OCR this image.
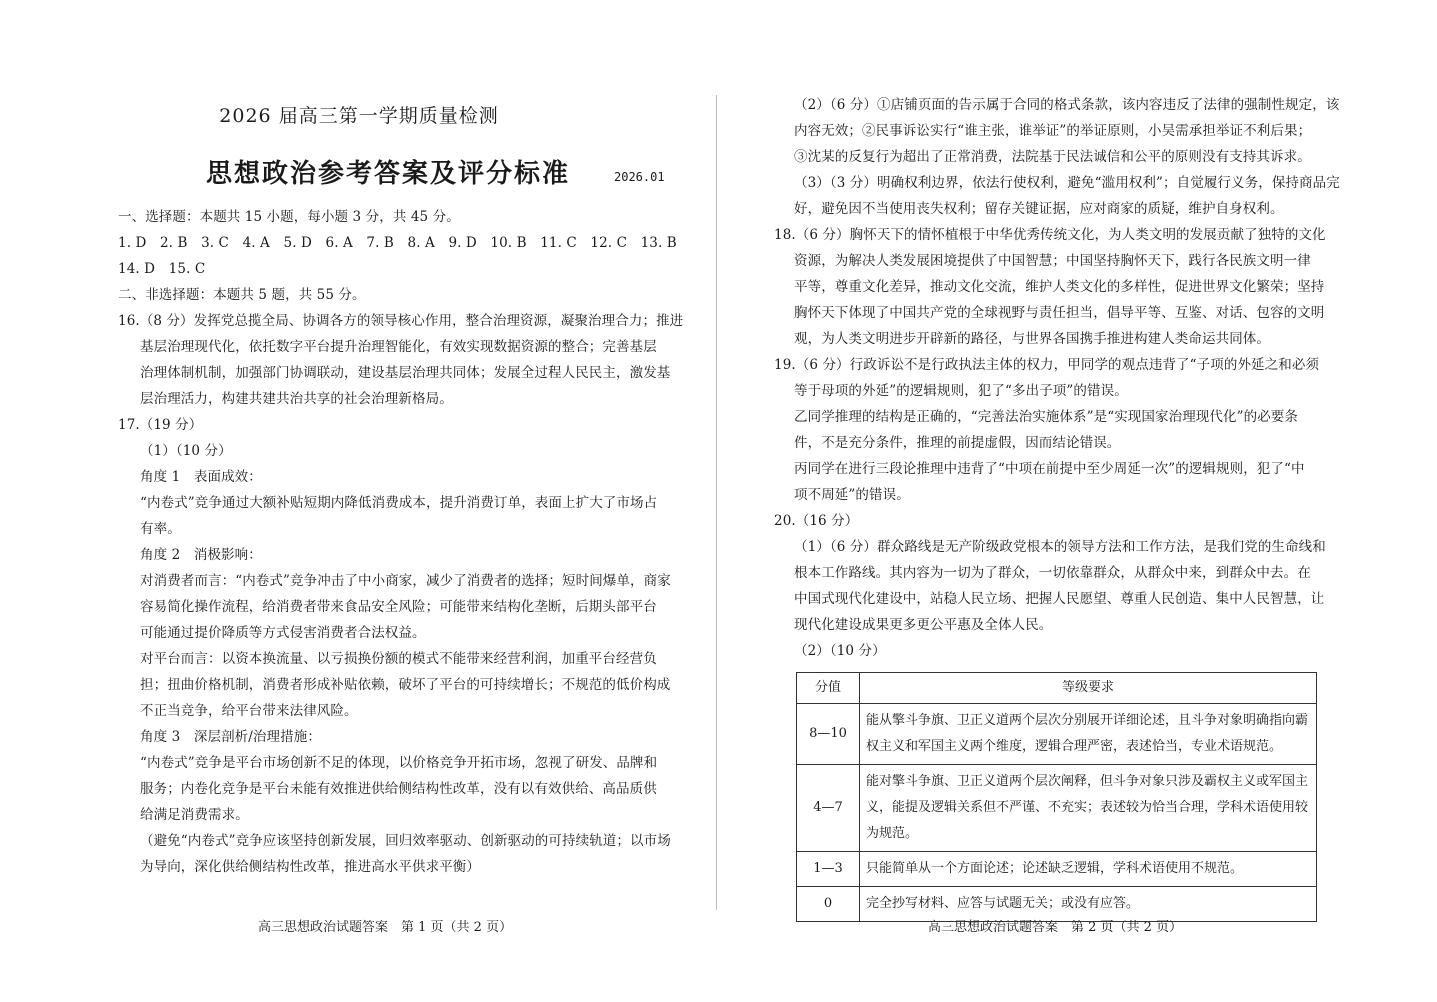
2026 届高三第一学期质量检测
思想政治参考答案及评分标准	2026.01
一、选择题：本题共 15 小题，每小题 3 分，共 45 分。
1. D　2. B　3. C　4. A　5. D　6. A　7. B　8. A　9. D　10. B　11. C　12. C　13. B
14. D　15. C
二、非选择题：本题共 5 题，共 55 分。
16.（8 分）发挥党总揽全局、协调各方的领导核心作用，整合治理资源，凝聚治理合力；推进
基层治理现代化，依托数字平台提升治理智能化，有效实现数据资源的整合；完善基层
治理体制机制，加强部门协调联动，建设基层治理共同体；发展全过程人民民主，激发基
层治理活力，构建共建共治共享的社会治理新格局。
17.（19 分）
（1）（10 分）
角度 1　表面成效：
“内卷式”竞争通过大额补贴短期内降低消费成本，提升消费订单，表面上扩大了市场占
有率。
角度 2　消极影响：
对消费者而言：“内卷式”竞争冲击了中小商家，减少了消费者的选择；短时间爆单，商家
容易简化操作流程，给消费者带来食品安全风险；可能带来结构化垄断，后期头部平台
可能通过提价降质等方式侵害消费者合法权益。
对平台而言：以资本换流量、以亏损换份额的模式不能带来经营利润，加重平台经营负
担；扭曲价格机制，消费者形成补贴依赖，破坏了平台的可持续增长；不规范的低价构成
不正当竞争，给平台带来法律风险。
角度 3　深层剖析/治理措施：
“内卷式”竞争是平台市场创新不足的体现，以价格竞争开拓市场，忽视了研发、品牌和
服务；内卷化竞争是平台未能有效推进供给侧结构性改革，没有以有效供给、高品质供
给满足消费需求。
（避免“内卷式”竞争应该坚持创新发展，回归效率驱动、创新驱动的可持续轨道；以市场
为导向，深化供给侧结构性改革，推进高水平供求平衡）
高三思想政治试题答案　第 1 页（共 2 页）
（2）（6 分）①店铺页面的告示属于合同的格式条款，该内容违反了法律的强制性规定，该
内容无效；②民事诉讼实行“谁主张，谁举证”的举证原则，小吴需承担举证不利后果；
③沈某的反复行为超出了正常消费，法院基于民法诚信和公平的原则没有支持其诉求。
（3）（3 分）明确权利边界，依法行使权利，避免“滥用权利”；自觉履行义务，保持商品完
好，避免因不当使用丧失权利；留存关键证据，应对商家的质疑，维护自身权利。
18.（6 分）胸怀天下的情怀植根于中华优秀传统文化，为人类文明的发展贡献了独特的文化
资源，为解决人类发展困境提供了中国智慧；中国坚持胸怀天下，践行各民族文明一律
平等，尊重文化差异，推动文化交流，维护人类文化的多样性，促进世界文化繁荣；坚持
胸怀天下体现了中国共产党的全球视野与责任担当，倡导平等、互鉴、对话、包容的文明
观，为人类文明进步开辟新的路径，与世界各国携手推进构建人类命运共同体。
19.（6 分）行政诉讼不是行政执法主体的权力，甲同学的观点违背了“子项的外延之和必须
等于母项的外延”的逻辑规则，犯了“多出子项”的错误。
乙同学推理的结构是正确的，“完善法治实施体系”是“实现国家治理现代化”的必要条
件，不是充分条件，推理的前提虚假，因而结论错误。
丙同学在进行三段论推理中违背了“中项在前提中至少周延一次”的逻辑规则，犯了“中
项不周延”的错误。
20.（16 分）
（1）（6 分）群众路线是无产阶级政党根本的领导方法和工作方法，是我们党的生命线和
根本工作路线。其内容为一切为了群众，一切依靠群众，从群众中来，到群众中去。在
中国式现代化建设中，站稳人民立场、把握人民愿望、尊重人民创造、集中人民智慧，让
现代化建设成果更多更公平惠及全体人民。
（2）（10 分）
高三思想政治试题答案　第 2 页（共 2 页）
分值	等级要求
8—10	能从擎斗争旗、卫正义道两个层次分别展开详细论述，且斗争对象明确指向霸权主义和军国主义两个维度，逻辑合理严密，表述恰当，专业术语规范。
4—7	能对擎斗争旗、卫正义道两个层次阐释，但斗争对象只涉及霸权主义或军国主义，能提及逻辑关系但不严谨、不充实；表述较为恰当合理，学科术语使用较为规范。
1—3	只能简单从一个方面论述；论述缺乏逻辑，学科术语使用不规范。
0	完全抄写材料、应答与试题无关；或没有应答。
